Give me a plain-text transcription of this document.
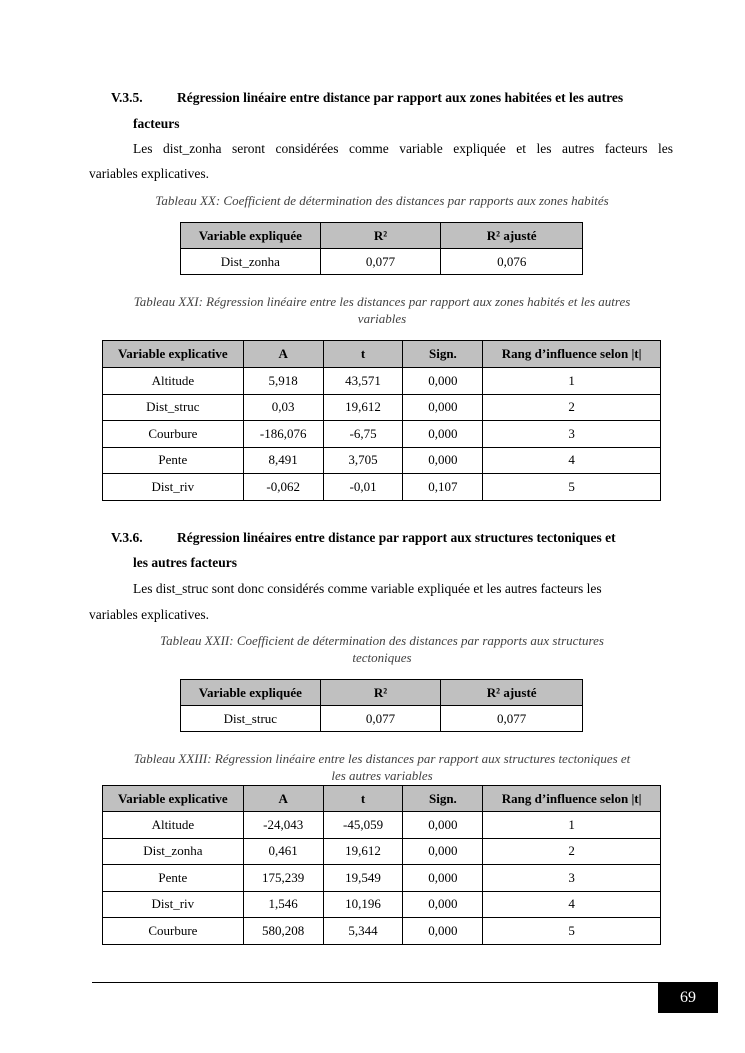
V.3.5.	Régression linéaire entre distance par rapport aux zones habitées et les autres
facteurs
Les dist_zonha seront considérées comme variable expliquée et les autres facteurs les
variables explicatives.
Tableau XX: Coefficient de détermination des distances par rapports aux zones habités
Variable expliquée	R²	R² ajusté
Dist_zonha	0,077	0,076
Tableau XXI: Régression linéaire entre les distances par rapport aux zones habités et les autres
variables
Variable explicative	A	t	Sign.	Rang d’influence selon |t|
Altitude	5,918	43,571	0,000	1
Dist_struc	0,03	19,612	0,000	2
Courbure	-186,076	-6,75	0,000	3
Pente	8,491	3,705	0,000	4
Dist_riv	-0,062	-0,01	0,107	5
V.3.6.	Régression linéaires entre distance par rapport aux structures tectoniques et
les autres facteurs
Les dist_struc sont donc considérés comme variable expliquée et les autres facteurs les
variables explicatives.
Tableau XXII: Coefficient de détermination des distances par rapports aux structures
tectoniques
Variable expliquée	R²	R² ajusté
Dist_struc	0,077	0,077
Tableau XXIII: Régression linéaire entre les distances par rapport aux structures tectoniques et
les autres variables
Variable explicative	A	t	Sign.	Rang d’influence selon |t|
Altitude	-24,043	-45,059	0,000	1
Dist_zonha	0,461	19,612	0,000	2
Pente	175,239	19,549	0,000	3
Dist_riv	1,546	10,196	0,000	4
Courbure	580,208	5,344	0,000	5
69
